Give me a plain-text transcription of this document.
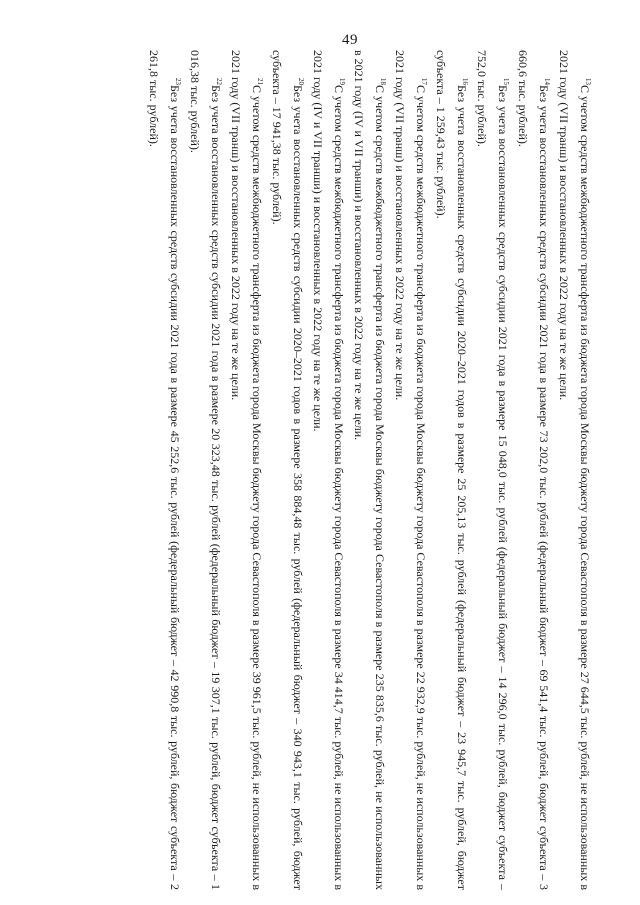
49

$^{13}$С учетом средств межбюджетного трансферта из бюджета города Москвы бюджету города Севастополя в размере 27 644,5 тыс. рублей, не использованных в 2021 году (VII транш) и восстановленных в 2022 году на те же цели.

$^{14}$Без учета восстановленных средств субсидии 2021 года в размере 73 202,0 тыс. рублей (федеральный бюджет – 69 541,4 тыс. рублей, бюджет субъекта – 3 660,6 тыс. рублей).

$^{15}$Без учета восстановленных средств субсидии 2021 года в размере 15 048,0 тыс. рублей (федеральный бюджет – 14 296,0 тыс. рублей, бюджет субъекта – 752,0 тыс. рублей).

$^{16}$Без учета восстановленных средств субсидии 2020–2021 годов в размере 25 205,13 тыс. рублей (федеральный бюджет – 23 945,7 тыс. рублей, бюджет субъекта – 1 259,43 тыс. рублей).

$^{17}$С учетом средств межбюджетного трансферта из бюджета города Москвы бюджету города Севастополя в размере 22 932,9 тыс. рублей, не использованных в 2021 году (VII транш) и восстановленных в 2022 году на те же цели.

$^{18}$С учетом средств межбюджетного трансферта из бюджета города Москвы бюджету города Севастополя в размере 235 835,6 тыс. рублей, не использованных в 2021 году (IV и VII транши) и восстановленных в 2022 году на те же цели.

$^{19}$С учетом средств межбюджетного трансферта из бюджета города Москвы бюджету города Севастополя в размере 34 414,7 тыс. рублей, не использованных в 2021 году (IV и VII транши) и восстановленных в 2022 году на те же цели.

$^{20}$Без учета восстановленных средств субсидии 2020–2021 годов в размере 358 884,48 тыс. рублей (федеральный бюджет – 340 943,1 тыс. рублей, бюджет субъекта – 17 941,38 тыс. рублей).

$^{21}$С учетом средств межбюджетного трансферта из бюджета города Москвы бюджету города Севастополя в размере 39 961,5 тыс. рублей, не использованных в 2021 году (VII транш) и восстановленных в 2022 году на те же цели.

$^{22}$Без учета восстановленных средств субсидии 2021 года в размере 20 323,48 тыс. рублей (федеральный бюджет – 19 307,1 тыс. рублей, бюджет субъекта – 1 016,38 тыс. рублей).

$^{23}$Без учета восстановленных средств субсидии 2021 года в размере 45 252,6 тыс. рублей (федеральный бюджет – 42 990,8 тыс. рублей, бюджет субъекта – 2 261,8 тыс. рублей).
